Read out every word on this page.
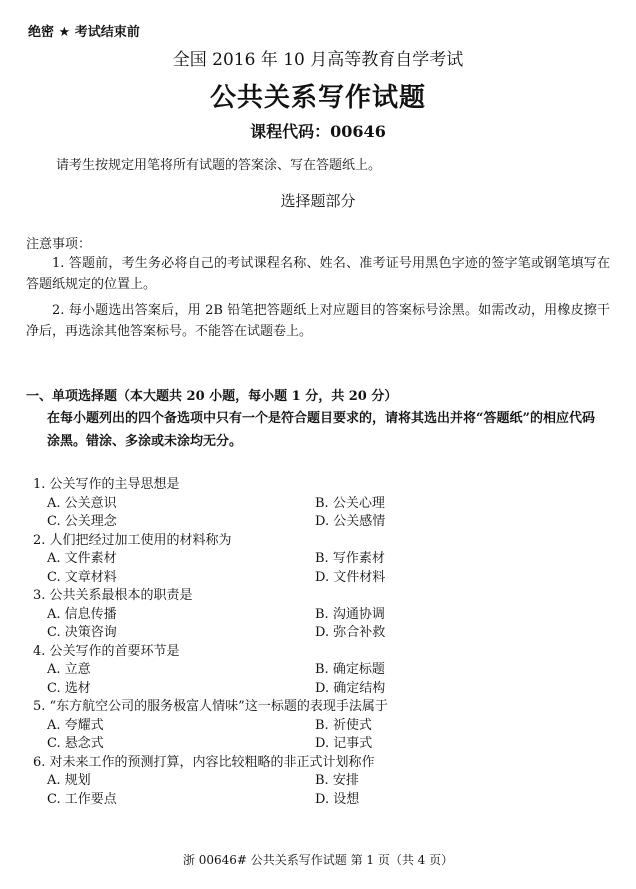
绝密 ★ 考试结束前
全国 2016 年 10 月高等教育自学考试
公共关系写作试题
课程代码：00646
请考生按规定用笔将所有试题的答案涂、写在答题纸上。
选择题部分
注意事项：
1. 答题前，考生务必将自己的考试课程名称、姓名、准考证号用黑色字迹的签字笔或钢笔填写在答题纸规定的位置上。
2. 每小题选出答案后，用 2B 铅笔把答题纸上对应题目的答案标号涂黑。如需改动，用橡皮擦干净后，再选涂其他答案标号。不能答在试题卷上。
一、单项选择题（本大题共 20 小题，每小题 1 分，共 20 分）
在每小题列出的四个备选项中只有一个是符合题目要求的，请将其选出并将“答题纸”的相应代码涂黑。错涂、多涂或未涂均无分。
1. 公关写作的主导思想是
A. 公关意识	B. 公关心理
C. 公关理念	D. 公关感情
2. 人们把经过加工使用的材料称为
A. 文件素材	B. 写作素材
C. 文章材料	D. 文件材料
3. 公共关系最根本的职责是
A. 信息传播	B. 沟通协调
C. 决策咨询	D. 弥合补救
4. 公关写作的首要环节是
A. 立意	B. 确定标题
C. 选材	D. 确定结构
5. “东方航空公司的服务极富人情味”这一标题的表现手法属于
A. 夸耀式	B. 祈使式
C. 悬念式	D. 记事式
6. 对未来工作的预测打算，内容比较粗略的非正式计划称作
A. 规划	B. 安排
C. 工作要点	D. 设想
浙 00646# 公共关系写作试题 第 1 页（共 4 页）
